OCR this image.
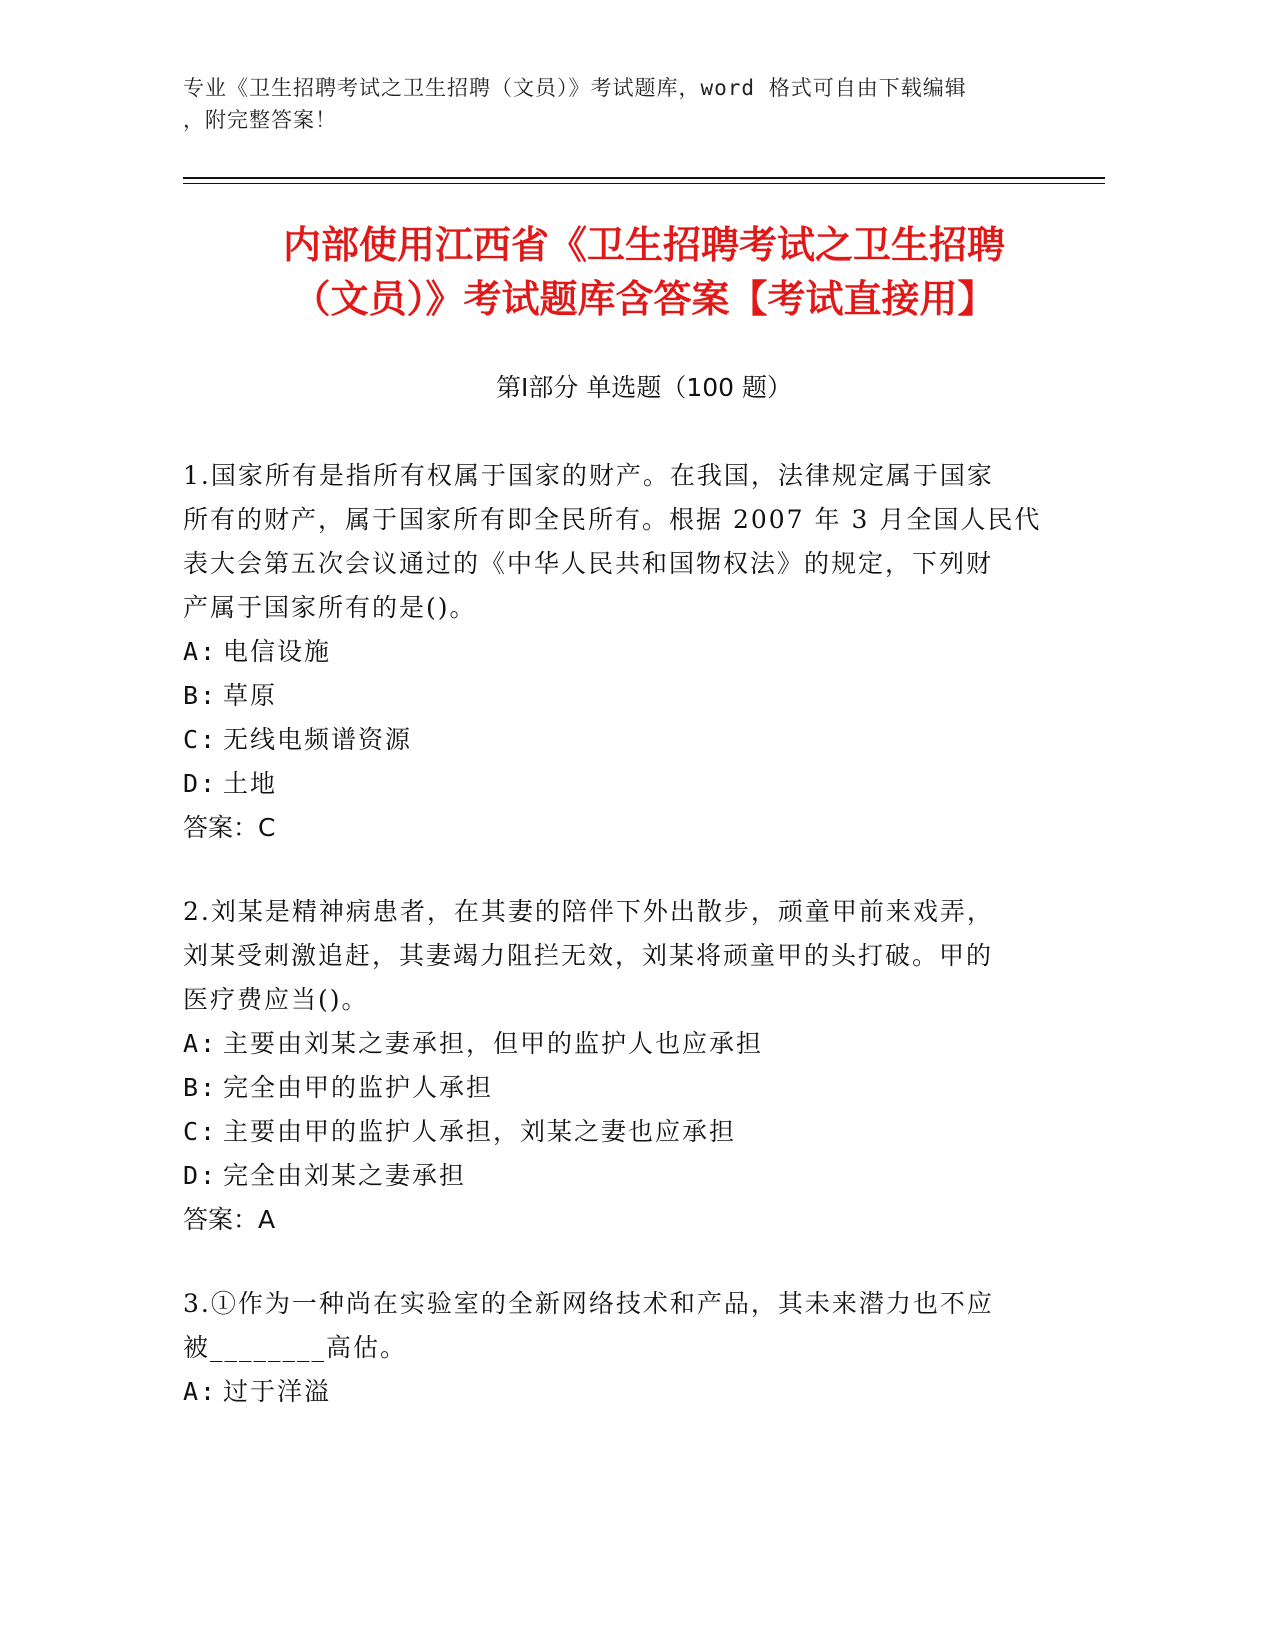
专业《卫生招聘考试之卫生招聘（文员）》考试题库，word 格式可自由下载编辑
，附完整答案！
内部使用江西省《卫生招聘考试之卫生招聘
（文员）》考试题库含答案【考试直接用】
第Ⅰ部分 单选题（100 题）

1.国家所有是指所有权属于国家的财产。在我国，法律规定属于国家

所有的财产，属于国家所有即全民所有。根据 2007 年 3 月全国人民代

表大会第五次会议通过的《中华人民共和国物权法》的规定，下列财

产属于国家所有的是()。

A: 电信设施

B: 草原

C: 无线电频谱资源

D: 土地

答案：C

2.刘某是精神病患者，在其妻的陪伴下外出散步，顽童甲前来戏弄，

刘某受刺激追赶，其妻竭力阻拦无效，刘某将顽童甲的头打破。甲的

医疗费应当()。

A: 主要由刘某之妻承担，但甲的监护人也应承担

B: 完全由甲的监护人承担

C: 主要由甲的监护人承担，刘某之妻也应承担

D: 完全由刘某之妻承担

答案：A

3.①作为一种尚在实验室的全新网络技术和产品，其未来潜力也不应

被________高估。

A: 过于洋溢
